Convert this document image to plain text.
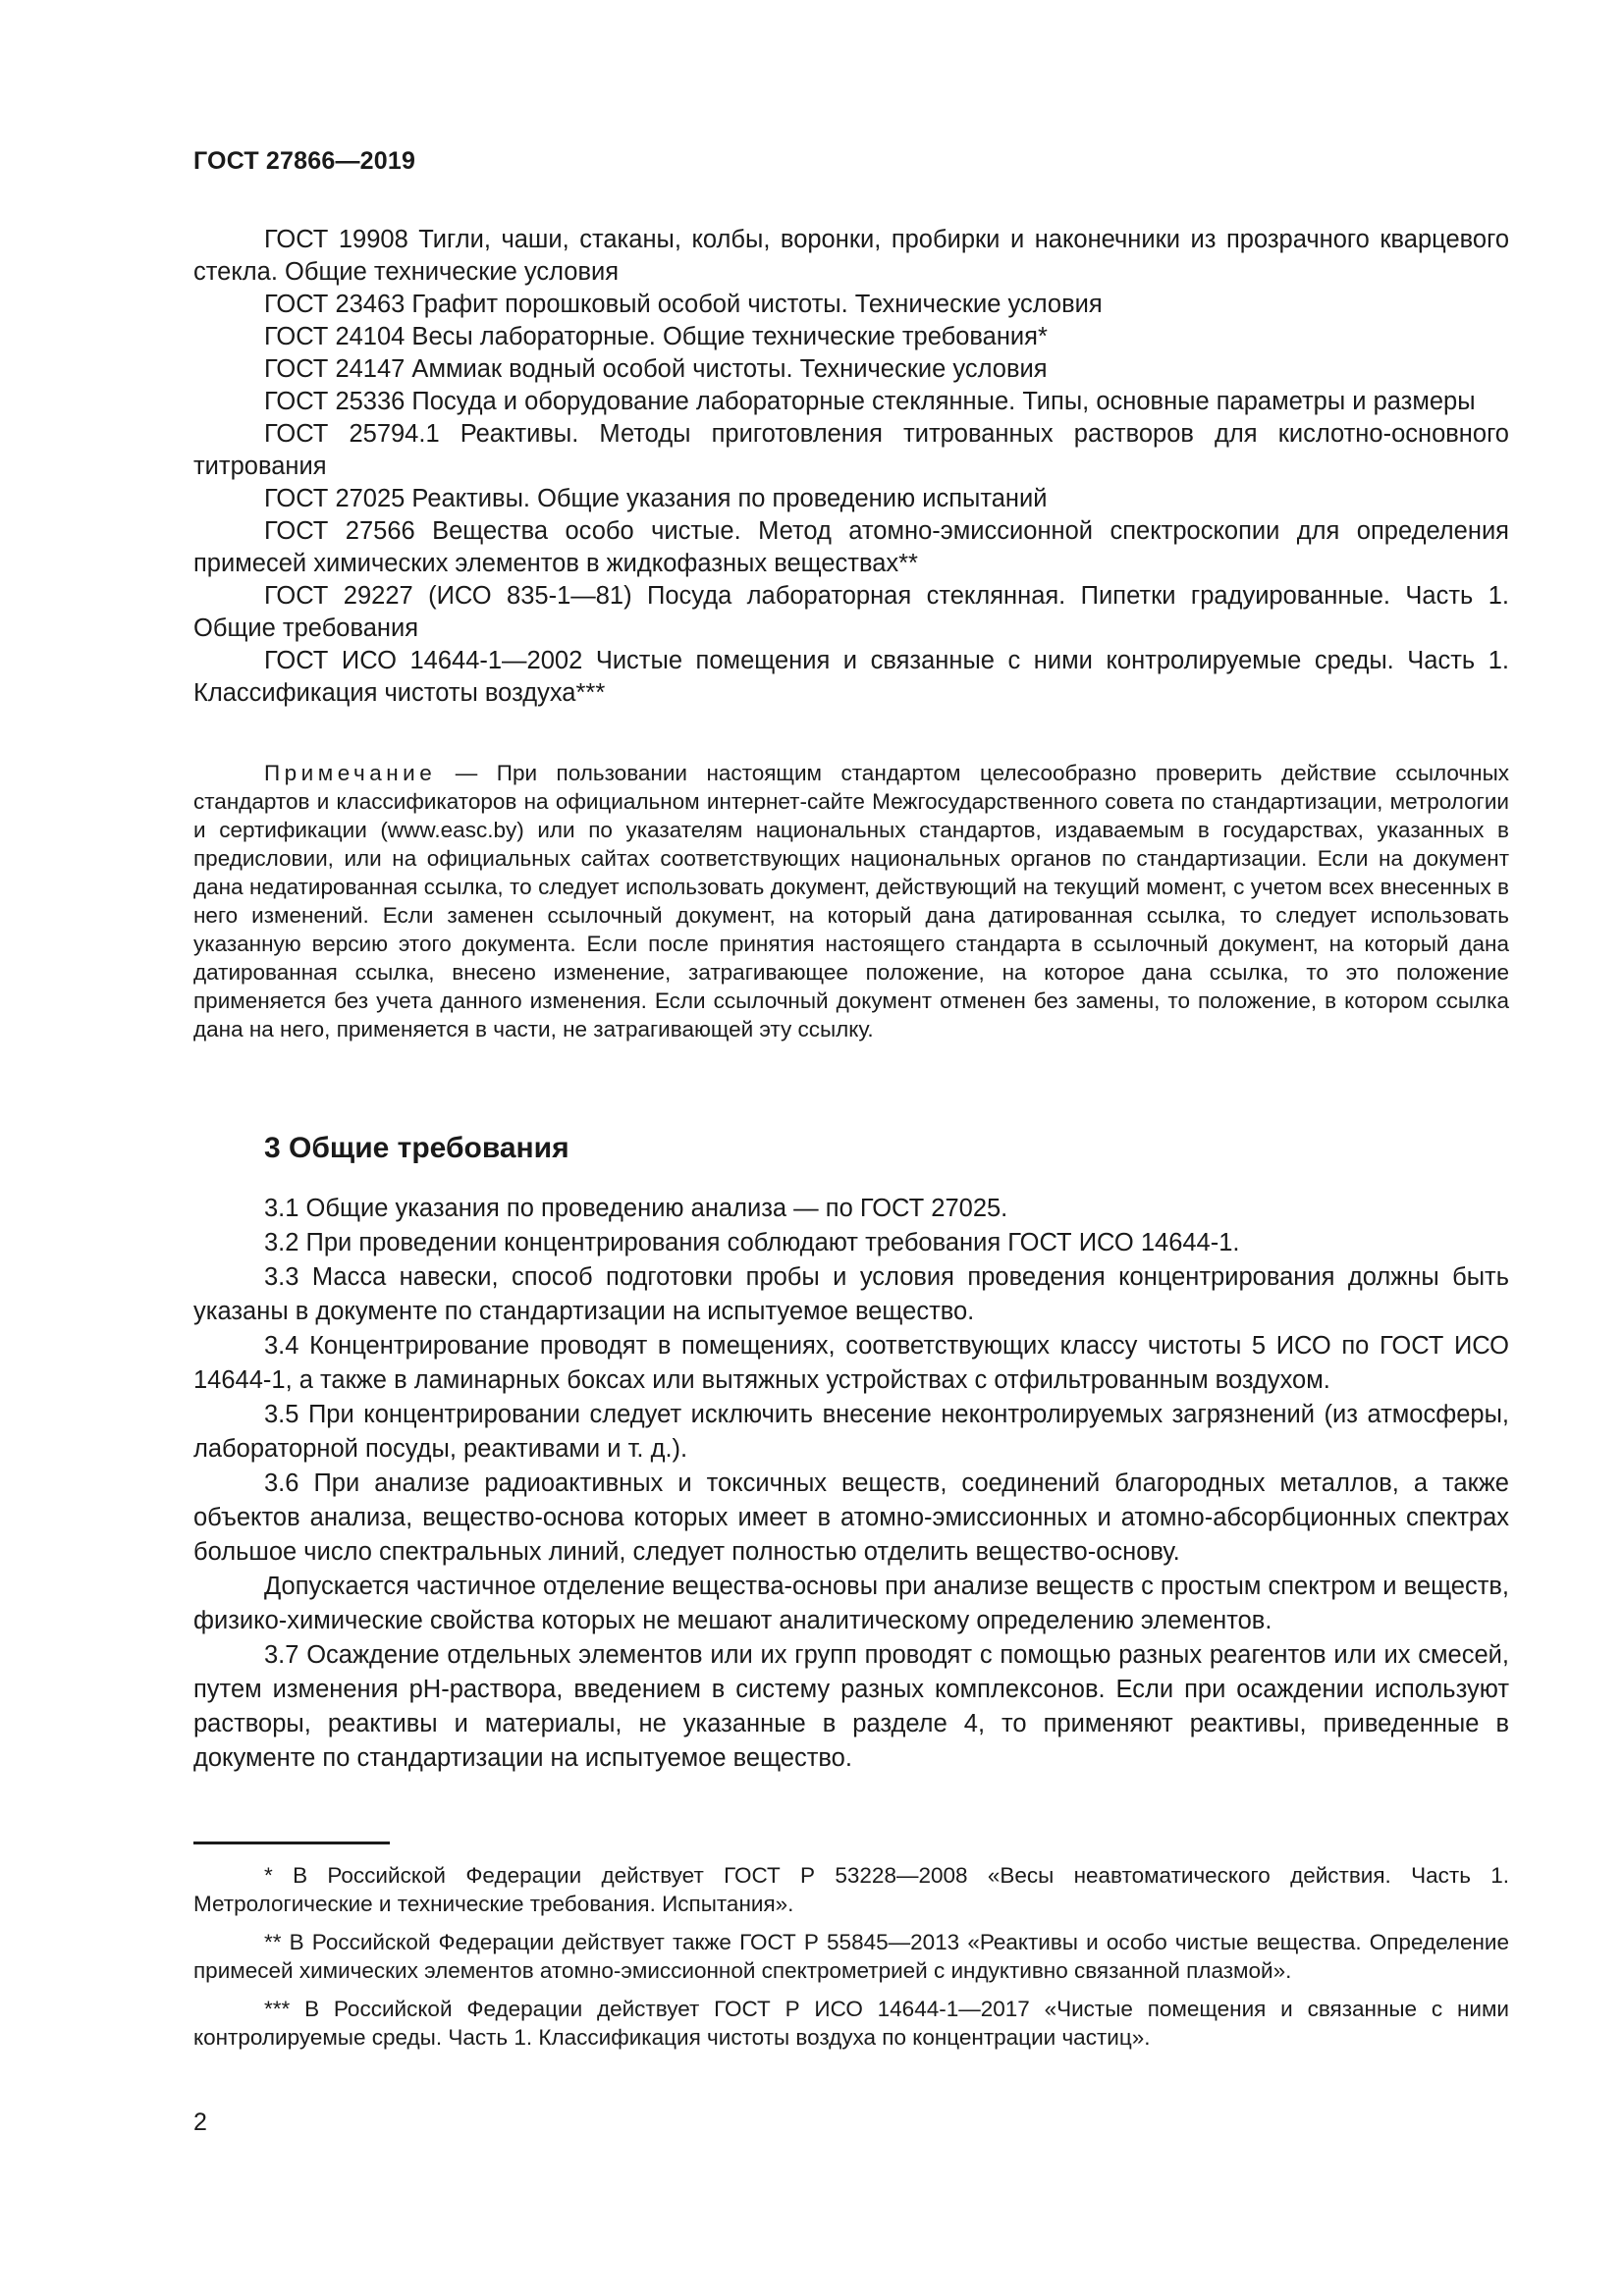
ГОСТ 27866—2019

ГОСТ 19908 Тигли, чаши, стаканы, колбы, воронки, пробирки и наконечники из прозрачного кварцевого стекла. Общие технические условия

ГОСТ 23463 Графит порошковый особой чистоты. Технические условия

ГОСТ 24104 Весы лабораторные. Общие технические требования*

ГОСТ 24147 Аммиак водный особой чистоты. Технические условия

ГОСТ 25336 Посуда и оборудование лабораторные стеклянные. Типы, основные параметры и размеры

ГОСТ 25794.1 Реактивы. Методы приготовления титрованных растворов для кислотно-основного титрования

ГОСТ 27025 Реактивы. Общие указания по проведению испытаний

ГОСТ 27566 Вещества особо чистые. Метод атомно-эмиссионной спектроскопии для определения примесей химических элементов в жидкофазных веществах**

ГОСТ 29227 (ИСО 835-1—81) Посуда лабораторная стеклянная. Пипетки градуированные. Часть 1. Общие требования

ГОСТ ИСО 14644-1—2002 Чистые помещения и связанные с ними контролируемые среды. Часть 1. Классификация чистоты воздуха***

Примечание — При пользовании настоящим стандартом целесообразно проверить действие ссылочных стандартов и классификаторов на официальном интернет-сайте Межгосударственного совета по стандартизации, метрологии и сертификации (www.easc.by) или по указателям национальных стандартов, издаваемым в государствах, указанных в предисловии, или на официальных сайтах соответствующих национальных органов по стандартизации. Если на документ дана недатированная ссылка, то следует использовать документ, действующий на текущий момент, с учетом всех внесенных в него изменений. Если заменен ссылочный документ, на который дана датированная ссылка, то следует использовать указанную версию этого документа. Если после принятия настоящего стандарта в ссылочный документ, на который дана датированная ссылка, внесено изменение, затрагивающее положение, на которое дана ссылка, то это положение применяется без учета данного изменения. Если ссылочный документ отменен без замены, то положение, в котором ссылка дана на него, применяется в части, не затрагивающей эту ссылку.

3 Общие требования

3.1 Общие указания по проведению анализа — по ГОСТ 27025.

3.2 При проведении концентрирования соблюдают требования ГОСТ ИСО 14644-1.

3.3 Масса навески, способ подготовки пробы и условия проведения концентрирования должны быть указаны в документе по стандартизации на испытуемое вещество.

3.4 Концентрирование проводят в помещениях, соответствующих классу чистоты 5 ИСО по ГОСТ ИСО 14644-1, а также в ламинарных боксах или вытяжных устройствах с отфильтрованным воздухом.

3.5 При концентрировании следует исключить внесение неконтролируемых загрязнений (из атмосферы, лабораторной посуды, реактивами и т. д.).

3.6 При анализе радиоактивных и токсичных веществ, соединений благородных металлов, а также объектов анализа, вещество-основа которых имеет в атомно-эмиссионных и атомно-абсорбционных спектрах большое число спектральных линий, следует полностью отделить вещество-основу.

Допускается частичное отделение вещества-основы при анализе веществ с простым спектром и веществ, физико-химические свойства которых не мешают аналитическому определению элементов.

3.7 Осаждение отдельных элементов или их групп проводят с помощью разных реагентов или их смесей, путем изменения рН-раствора, введением в систему разных комплексонов. Если при осаждении используют растворы, реактивы и материалы, не указанные в разделе 4, то применяют реактивы, приведенные в документе по стандартизации на испытуемое вещество.

* В Российской Федерации действует ГОСТ Р 53228—2008 «Весы неавтоматического действия. Часть 1. Метрологические и технические требования. Испытания».

** В Российской Федерации действует также ГОСТ Р 55845—2013 «Реактивы и особо чистые вещества. Определение примесей химических элементов атомно-эмиссионной спектрометрией с индуктивно связанной плазмой».

*** В Российской Федерации действует ГОСТ Р ИСО 14644-1—2017 «Чистые помещения и связанные с ними контролируемые среды. Часть 1. Классификация чистоты воздуха по концентрации частиц».

2
